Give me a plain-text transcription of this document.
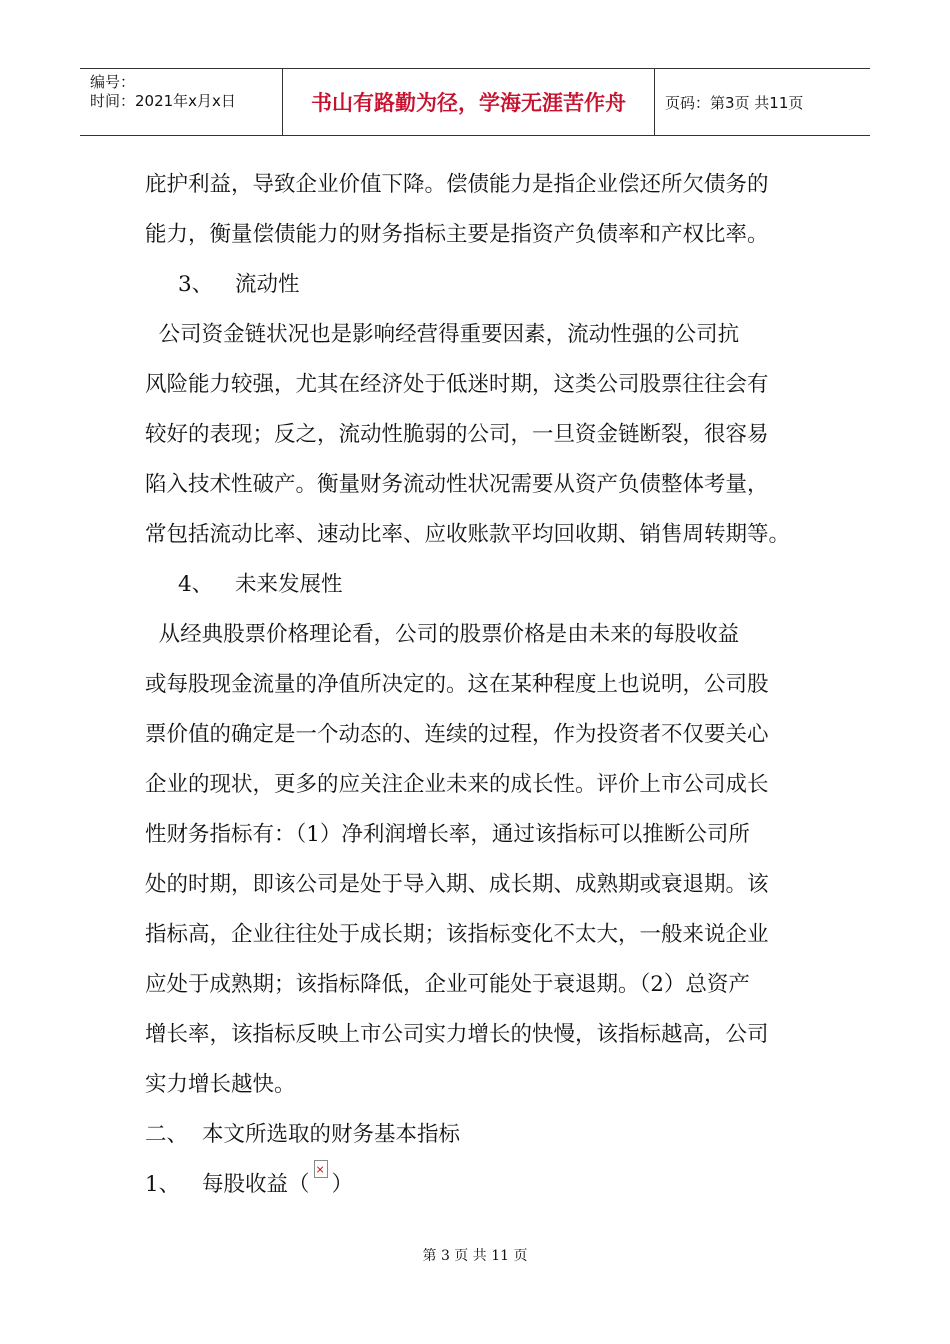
编号：
时间：2021年x月x日	书山有路勤为径，学海无涯苦作舟	页码：第3页 共11页
庇护利益，导致企业价值下降。偿债能力是指企业偿还所欠债务的
能力，衡量偿债能力的财务指标主要是指资产负债率和产权比率。
3、	流动性
公司资金链状况也是影响经营得重要因素，流动性强的公司抗
风险能力较强，尤其在经济处于低迷时期，这类公司股票往往会有
较好的表现；反之，流动性脆弱的公司，一旦资金链断裂，很容易
陷入技术性破产。衡量财务流动性状况需要从资产负债整体考量，
常包括流动比率、速动比率、应收账款平均回收期、销售周转期等。
4、	未来发展性
从经典股票价格理论看，公司的股票价格是由未来的每股收益
或每股现金流量的净值所决定的。这在某种程度上也说明，公司股
票价值的确定是一个动态的、连续的过程，作为投资者不仅要关心
企业的现状，更多的应关注企业未来的成长性。评价上市公司成长
性财务指标有：（1）净利润增长率，通过该指标可以推断公司所
处的时期，即该公司是处于导入期、成长期、成熟期或衰退期。该
指标高，企业往往处于成长期；该指标变化不太大，一般来说企业
应处于成熟期；该指标降低，企业可能处于衰退期。（2）总资产
增长率，该指标反映上市公司实力增长的快慢，该指标越高，公司
实力增长越快。
二、 本文所选取的财务基本指标
1、	每股收益（
× ）
第 3 页 共 11 页
